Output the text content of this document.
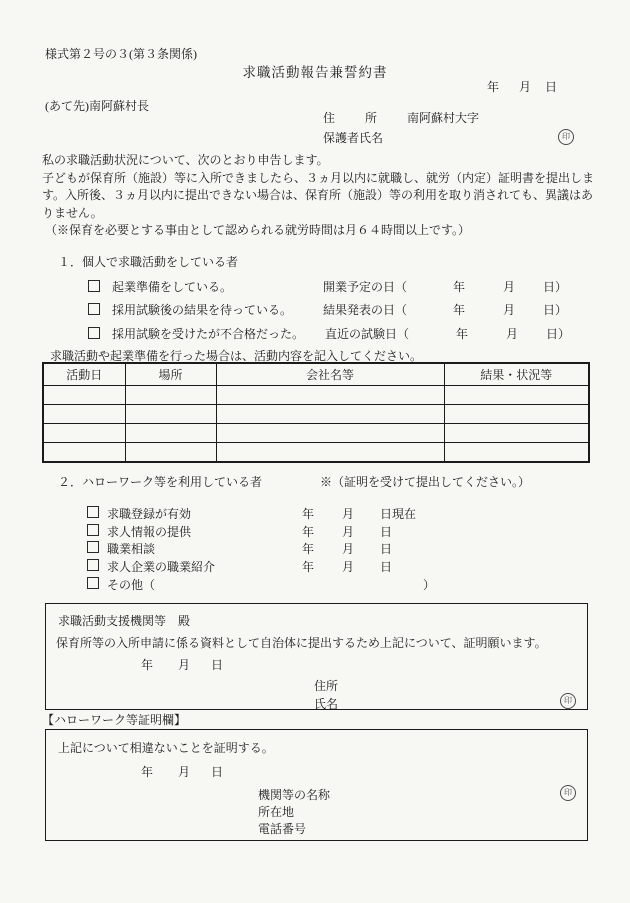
様式第２号の３(第３条関係)
求職活動報告兼誓約書
年 月 日
(あて先)南阿蘇村長
住 所 南阿蘇村大字
保護者氏名	印

私の求職活動状況について、次のとおり申告します。

子どもが保育所（施設）等に入所できましたら、３ヵ月以内に就職し、就労（内定）証明書を提出します。入所後、３ヵ月以内に提出できない場合は、保育所（施設）等の利用を取り消されても、異議はありません。

（※保育を必要とする事由として認められる就労時間は月６４時間以上です。）

１．個人で求職活動をしている者
起業準備をしている。	開業予定の日（	年	月 日）
採用試験後の結果を待っている。	結果発表の日（	年	月 日）
採用試験を受けたが不合格だった。 直近の試験日（	年	月 日）
求職活動や起業準備を行った場合は、活動内容を記入してください。
活動日	場所	会社名等	結果・状況等

２．ハローワーク等を利用している者	※（証明を受けて提出してください。）
求職登録が有効	年 月 日現在
求人情報の提供	年 月 日
職業相談	年 月 日
求人企業の職業紹介	年 月 日
その他（	）
求職活動支援機関等　殿
保育所等の入所申請に係る資料として自治体に提出するため上記について、証明願います。
年 月 日
住所
氏名	印
【ハローワーク等証明欄】
上記について相違ないことを証明する。
年 月 日
機関等の名称	印
所在地
電話番号
